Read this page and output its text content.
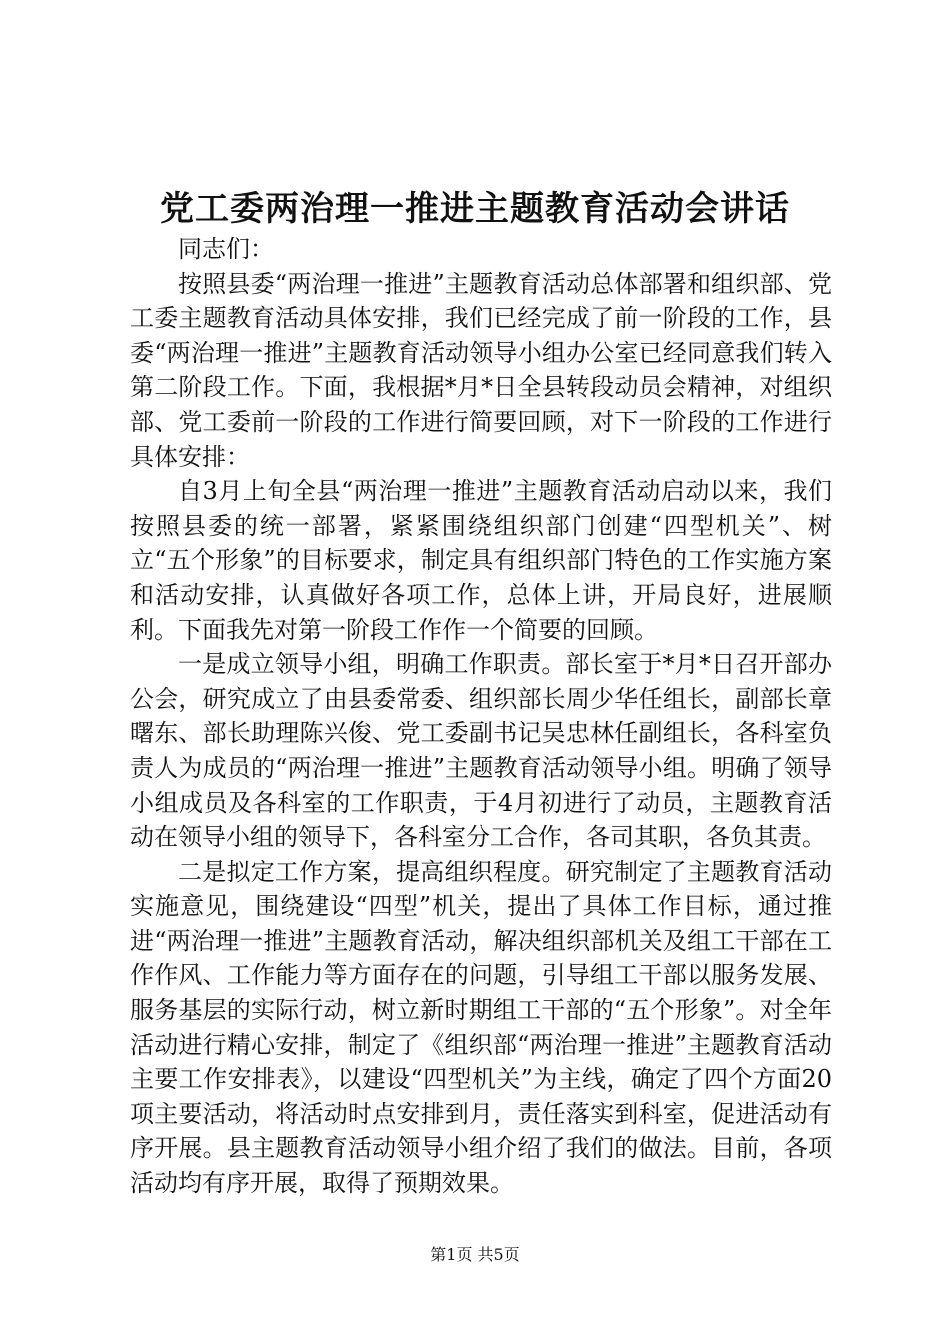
党工委两治理一推进主题教育活动会讲话

同志们：

按照县委“两治理一推进”主题教育活动总体部署和组织部、党工委主题教育活动具体安排，我们已经完成了前一阶段的工作，县委“两治理一推进”主题教育活动领导小组办公室已经同意我们转入第二阶段工作。下面，我根据*月*日全县转段动员会精神，对组织部、党工委前一阶段的工作进行简要回顾，对下一阶段的工作进行具体安排：

自3月上旬全县“两治理一推进”主题教育活动启动以来，我们按照县委的统一部署，紧紧围绕组织部门创建“四型机关”、树立“五个形象”的目标要求，制定具有组织部门特色的工作实施方案和活动安排，认真做好各项工作，总体上讲，开局良好，进展顺利。下面我先对第一阶段工作作一个简要的回顾。

一是成立领导小组，明确工作职责。部长室于*月*日召开部办公会，研究成立了由县委常委、组织部长周少华任组长，副部长章曙东、部长助理陈兴俊、党工委副书记吴忠林任副组长，各科室负责人为成员的“两治理一推进”主题教育活动领导小组。明确了领导小组成员及各科室的工作职责，于4月初进行了动员，主题教育活动在领导小组的领导下，各科室分工合作，各司其职，各负其责。

二是拟定工作方案，提高组织程度。研究制定了主题教育活动实施意见，围绕建设“四型”机关，提出了具体工作目标，通过推进“两治理一推进”主题教育活动，解决组织部机关及组工干部在工作作风、工作能力等方面存在的问题，引导组工干部以服务发展、服务基层的实际行动，树立新时期组工干部的“五个形象”。对全年活动进行精心安排，制定了《组织部“两治理一推进”主题教育活动主要工作安排表》，以建设“四型机关”为主线，确定了四个方面20项主要活动，将活动时点安排到月，责任落实到科室，促进活动有序开展。县主题教育活动领导小组介绍了我们的做法。目前，各项活动均有序开展，取得了预期效果。

第1页 共5页
